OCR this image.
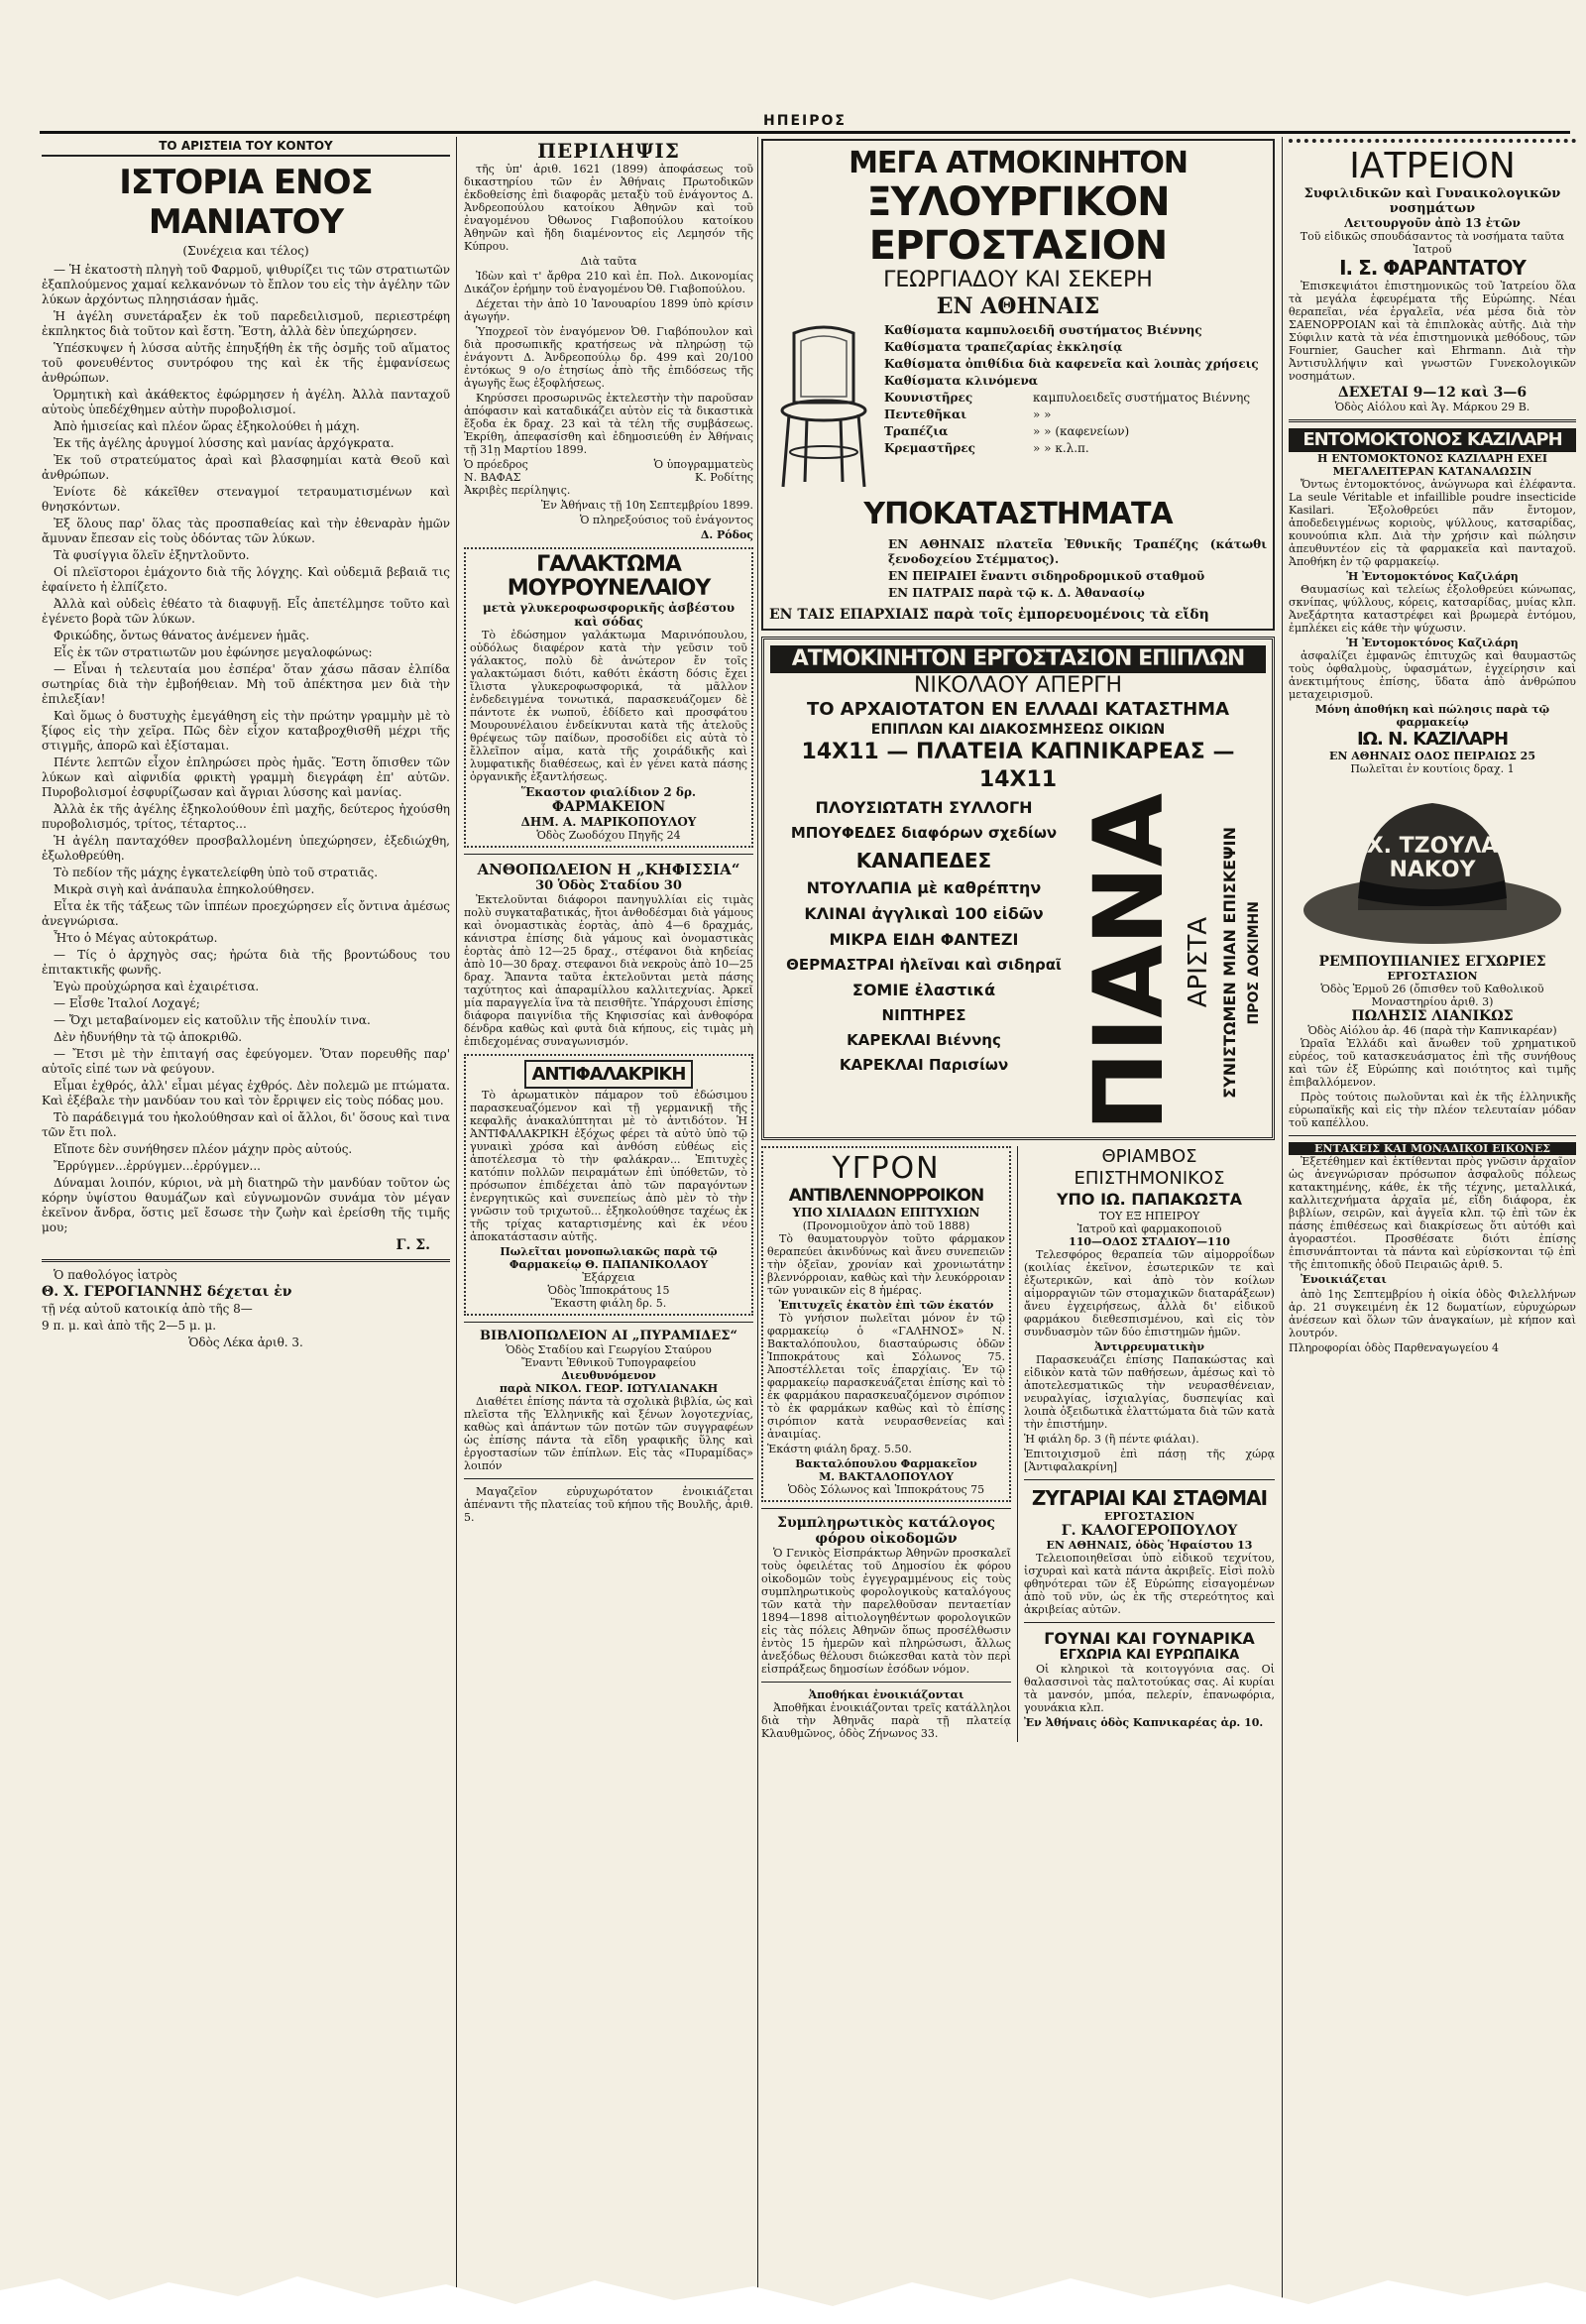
ΗΠΕΙΡΟΣ
ΤΟ ΑΡΙΣΤΕΙΑ ΤΟΥ ΚΟΝΤΟΥ
ΙΣΤΟΡΙΑ ΕΝΟΣ ΜΑΝΙΑΤΟΥ
(Συνέχεια και τέλος)

— Ἡ ἐκατοστὴ πληγὴ τοῦ Φαρμοῦ, ψιθυρίζει τις τῶν στρατιωτῶν ἐξαπλούμενος χαμαί κελκανόνων τὸ ἔπλον του εἰς τὴν ἀγέλην τῶν λύκων ἀρχόντως πληησιάσαν ἡμᾶς.

Ἡ ἀγέλη συνετάραξεν ἐκ τοῦ παρεδειλισμοῦ, περιεστρέφη ἐκπληκτος διὰ τοῦτον καὶ ἔστη. Ἔστη, ἀλλὰ δὲν ὑπεχώρησεν.

Ὑπέσκυψεν ἡ λύσσα αὐτῆς ἐπηυξήθη ἐκ τῆς ὀσμῆς τοῦ αἵματος τοῦ φονευθέντος συντρόφου της καὶ ἐκ τῆς ἐμφανίσεως ἀνθρώπων.

Ὁρμητικὴ καὶ ἀκάθεκτος ἐφώρμησεν ἡ ἀγέλη. Ἀλλὰ πανταχοῦ αὐτοὺς ὑπεδέχθημεν αὐτὴν πυροβολισμοί.

Ἀπὸ ἡμισείας καὶ πλέον ὥρας ἐξηκολούθει ἡ μάχη.

Ἐκ τῆς ἀγέλης ἀρυγμοί λύσσης καὶ μανίας ἀρχόγκρατα.

Ἐκ τοῦ στρατεύματος ἀραὶ καὶ βλασφημίαι κατὰ Θεοῦ καὶ ἀνθρώπων.

Ἐνίοτε δὲ κάκεῖθεν στεναγμοί τετραυματισμένων καὶ θνησκόντων.

Ἐξ ὅλους παρ' ὅλας τὰς προσπαθείας καὶ τὴν ἐθεναρὰν ἡμῶν ἄμυναν ἔπεσαν εἰς τοὺς ὀδόντας τῶν λύκων.

Τὰ φυσίγγια ὅλεῖν ἐξηντλοῦντο.

Οἱ πλεϊστοροι ἐμάχοντο διὰ τῆς λόγχης. Καὶ οὐδεμιᾶ βεβαιᾶ τις ἐφαίνετο ἡ ἐλπίζετο.

Ἀλλὰ καὶ οὐδεὶς ἐθέατο τὰ διαφυγῇ. Εἷς ἀπετέλμησε τοῦτο καὶ ἐγένετο βορὰ τῶν λύκων.

Φρικώδης, ὄντως θάνατος ἀνέμενεν ἡμᾶς.

Εἷς ἐκ τῶν στρατιωτῶν μου ἐφώνησε μεγαλοφώνως:

— Εἶναι ἡ τελευταία μου ἐσπέρα' ὅταν χάσω πᾶσαν ἐλπίδα σωτηρίας διὰ τὴν ἐμβοήθειαν. Μὴ τοῦ ἀπέκτησα μεν διὰ τὴν ἐπιλεξίαν!

Καὶ ὅμως ὁ δυστυχὴς ἐμεγάθηση εἰς τὴν πρώτην γραμμὴν μὲ τὸ ξίφος εἰς τὴν χεῖρα. Πῶς δὲν εἶχον καταβροχθισθῆ μέχρι τῆς στιγμῆς, ἀπορῶ καὶ ἐξίσταμαι.

Πέντε λεπτῶν εἶχον ἐπληρώσει πρὸς ἡμᾶς. Ἔστη ὅπισθεν τῶν λύκων καὶ αἰφνιδία φρικτὴ γραμμὴ διεγράφη ἐπ' αὐτῶν. Πυροβολισμοί ἐσφυρίζωσαν καὶ ἄγριαι λύσσης καὶ μανίας.

Ἀλλὰ ἐκ τῆς ἀγέλης ἐξηκολούθουν ἐπὶ μαχῆς, δεύτερος ἠχούσθη πυροβολισμός, τρίτος, τέταρτος...

Ἡ ἀγέλη πανταχόθεν προσβαλλομένη ὑπεχώρησεν, ἐξεδιώχθη, ἐξωλοθρεύθη.

Τὸ πεδίον τῆς μάχης ἐγκατελείφθη ὑπὸ τοῦ στρατιᾶς.

Μικρὰ σιγὴ καὶ ἀνάπαυλα ἐπηκολούθησεν.

Εἶτα ἐκ τῆς τάξεως τῶν ἱππέων προεχώρησεν εἷς ὄντινα ἀμέσως ἀνεγνώρισα.

Ἦτο ὁ Μέγας αὐτοκράτωρ.

— Τίς ὁ ἀρχηγὸς σας; ἠρώτα διὰ τῆς βροντώδους του ἐπιτακτικῆς φωνῆς.

Ἐγὼ προὐχώρησα καὶ ἐχαιρέτισα.

— Εἶσθε Ἰταλοί Λοχαγέ;

— Ὄχι μεταβαίνομεν εἰς κατοῦλιν τῆς ἐπουλίν τινα.

Δὲν ἠδυνήθην τὰ τῷ ἀποκριθῶ.

— Ἔτσι μὲ τὴν ἐπιταγή σας ἐφεύγομεν. Ὅταν πορευθῆς παρ' αὐτοῖς εἰπέ των νὰ φεύγουν.

Εἶμαι ἐχθρός, ἀλλ' εἶμαι μέγας ἐχθρός. Δὲν πολεμῶ με πτώματα. Καὶ ἐξέβαλε τὴν μανδύαν του καὶ τὸν ἔρριψεν εἰς τοὺς πόδας μου.

Τὸ παράδειγμά του ἠκολούθησαν καὶ οἱ ἄλλοι, δι' ὅσους καὶ τινα τῶν ἔτι πολ.

Εἴποτε δὲν συνήθησεν πλέον μάχην πρὸς αὐτούς.

Ἔρρύγμεν...ἐρρύγμεν...ἐρρύγμεν...

Δύναμαι λοιπόν, κύριοι, νὰ μὴ διατηρῶ τὴν μανδύαν τοῦτον ὡς κόρην ὑψίστου θαυμάζων καὶ εὐγνωμονῶν συνάμα τὸν μέγαν ἐκεῖνον ἄνδρα, ὅστις μεῖ ἔσωσε τὴν ζωὴν καὶ ἐρείσθη τῆς τιμῆς μου;

Γ. Σ.
Ὁ παθολόγος ἰατρὸς
Θ. Χ. ΓΕΡΟΓΙΑΝΝΗΣ δέχεται ἐν
τῇ νέᾳ αὐτοῦ κατοικίᾳ ἀπὸ τῆς 8—
9 π. μ. καὶ ἀπὸ τῆς 2—5 μ. μ.
Ὁδὸς Λέκα ἀριθ. 3.
ΠΕΡΙΛΗΨΙΣ

τῆς ὑπ' ἀριθ. 1621 (1899) ἀποφάσεως τοῦ δικαστηρίου τῶν ἐν Ἀθήναις Πρωτοδικῶν ἐκδοθείσης ἐπὶ διαφορᾶς μεταξὺ τοῦ ἐνάγοντος Δ. Ἀνδρεοπούλου κατοίκου Ἀθηνῶν καὶ τοῦ ἐναγομένου Ὀθωνος Γιαβοπούλου κατοίκου Ἀθηνῶν καὶ ἤδη διαμένοντος εἰς Λεμησόν τῆς Κύπρου.

Διὰ ταῦτα

Ἰδὼν καὶ τ' ἄρθρα 210 καὶ ἐπ. Πολ. Δικονομίας Δικάζον ἐρήμην τοῦ ἐναγομένου Ὀθ. Γιαβοπούλου.

Δέχεται τὴν ἀπὸ 10 Ἰανουαρίου 1899 ὑπὸ κρίσιν ἀγωγήν.

Ὑποχρεοῖ τὸν ἐναγόμενον Ὀθ. Γιαβόπουλον καὶ διὰ προσωπικῆς κρατήσεως νὰ πληρώσῃ τῷ ἐνάγοντι Δ. Ἀνδρεοπούλῳ δρ. 499 καὶ 20/100 ἐντόκως 9 ο/ο ἐτησίως ἀπὸ τῆς ἐπιδόσεως τῆς ἀγωγῆς ἕως ἐξοφλήσεως.

Κηρύσσει προσωρινῶς ἐκτελεστὴν τὴν παροῦσαν ἀπόφασιν καὶ καταδικάζει αὐτὸν εἰς τὰ δικαστικὰ ἔξοδα ἐκ δραχ. 23 καὶ τὰ τέλη τῆς συμβάσεως. Ἐκρίθη, ἀπεφασίσθη καὶ ἐδημοσιεύθη ἐν Ἀθήναις τῇ 31ῃ Μαρτίου 1899.

Ὁ πρόεδρος
Ν. ΒΑΦΑΣ
Ὁ ὑπογραμματεὺς
Κ. Ροδίτης
Ἀκριβὲς περίληψις.
Ἐν Ἀθήναις τῇ 10η Σεπτεμβρίου 1899.
Ὁ πληρεξούσιος τοῦ ἐνάγοντος
Δ. Ρόδος
ΓΑΛΑΚΤΩΜΑ
ΜΟΥΡΟΥΝΕΛΑΙΟΥ
μετὰ γλυκεροφωσφορικῆς ἀσβέστου καὶ σόδας
Τὸ ἐδώσημον γαλάκτωμα Μαρινόπουλου, οὐδόλως διαφέρον κατὰ τὴν γεῦσιν τοῦ γάλακτος, πολὺ δὲ ἀνώτερον ἔν τοῖς γαλακτώμασι διότι, καθότι ἐκάστη δόσις ἔχει ἴλιστα γλυκεροφωσφορικά, τὰ μᾶλλον ἐνδεδειγμένα τονωτικά, παρασκευάζομεν δὲ πάντοτε ἐκ νωποῦ, ἐδίδετο καὶ προσφάτου Μουρουνέλαιου ἐνδείκνυται κατὰ τῆς ἀτελοῦς θρέψεως τῶν παίδων, προσοδίδει εἰς αὐτὰ τὸ ἔλλεῖπον αἷμα, κατὰ τῆς χοιράδικῆς καὶ λυμφατικῆς διαθέσεως, καὶ ἐν γένει κατὰ πάσης ὀργανικῆς ἐξαντλήσεως.
Ἕκαστον φιαλίδιον 2 δρ.
ΦΑΡΜΑΚΕΙΟΝ
ΔΗΜ. Α. ΜΑΡΙΚΟΠΟΥΛΟΥ
Ὁδὸς Ζωοδόχου Πηγῆς 24
ΑΝΘΟΠΩΛΕΙΟΝ Η „ΚΗΦΙΣΣΙΑ“
30 Ὁδὸς Σταδίου 30
Ἐκτελοῦνται διάφοροι πανηγυλλίαι εἰς τιμὰς πολὺ συγκαταβατικάς, ἤτοι ἀνθοδέσμαι διὰ γάμους καὶ ὀνομαστικὰς ἑορτὰς, ἀπὸ 4—6 δραχμάς, κάνιστρα ἐπίσης διὰ γάμους καὶ ὀνομαστικὰς ἑορτὰς ἀπὸ 12—25 δραχ., στέφανοι διὰ κηδείας ἀπὸ 10—30 δραχ. στεφανοι διὰ νεκροὺς ἀπὸ 10—25 δραχ. Ἅπαντα ταῦτα ἐκτελοῦνται μετὰ πάσης ταχύτητος καὶ ἀπαραμίλλου καλλιτεχνίας. Ἀρκεῖ μία παραγγελία ἵνα τὰ πεισθῆτε. Ὑπάρχουσι ἐπίσης διάφορα παιγνίδια τῆς Κηφισσίας καὶ ἀνθοφόρα δένδρα καθὼς καὶ φυτὰ διὰ κήπους, εἰς τιμὰς μὴ ἐπιδεχομένας συναγωνισμόν.
ΑΝΤΙΦΑΛΑΚΡΙΚΗ
Τὸ ἀρωματικὸν πάμαρον τοῦ ἐδώσιμου παρασκευαζόμενον καὶ τῇ γερμανικῇ τῆς κεφαλῆς ἀνακαλύπτηται μὲ τὸ ἀντιδότον. Ἡ ἈΝΤΙΦΑΛΑΚΡΙΚΗ ἐξόχως φέρει τὰ αὐτὸ ὑπὸ τῷ γυναικὶ χρόσα καὶ ἀνθόση εὐθέως εἰς ἀποτέλεσμα τὸ τὴν φαλάκραν... Ἐπιτυχὲς κατόπιν πολλῶν πειραμάτων ἐπὶ ὑπόθετῶν, τὸ πρόσωπον ἐπιδέχεται ἀπὸ τῶν παραγόντων ἐνεργητικῶς καὶ συνεπείως ἀπὸ μὲν τὸ τὴν γνῶσιν τοῦ τριχωτοῦ... ἐξηκολούθησε ταχέως ἐκ τῆς τρίχας καταρτισμένης καὶ ἐκ νέου ἀποκατάστασιν αὐτῆς.
Πωλεῖται μονοπωλιακῶς παρὰ τῷ Φαρμακείῳ Θ. ΠΑΠΑΝΙΚΟΛΑΟΥ
Ἐξάρχεια
Ὁδὸς Ἱπποκράτους 15
Ἕκαστη φιάλη δρ. 5.
ΒΙΒΛΙΟΠΩΛΕΙΟΝ ΑΙ „ΠΥΡΑΜΙΔΕΣ“
Ὁδὸς Σταδίου καὶ Γεωργίου Σταύρου
Ἔναντι Ἐθνικοῦ Τυπογραφείου
Διευθυνόμενον
παρὰ ΝΙΚΟΛ. ΓΕΩΡ. ΙΩΤΥΛΙΑΝΑΚΗ
Διαθέτει ἐπίσης πάντα τὰ σχολικὰ βιβλία, ὡς καὶ πλεῖστα τῆς Ἑλληνικῆς καὶ ξένων λογοτεχνίας, καθὼς καὶ ἁπάντων τῶν ποτῶν τῶν συγγραφέων ὡς ἐπίσης πάντα τὰ εἴδη γραφικῆς ὕλης καὶ ἐργοστασίων τῶν ἐπίπλων. Εἰς τὰς «Πυραμίδας» λοιπόν
Μαγαζεῖον εὐρυχωρότατον ἐνοικιάζεται ἀπέναντι τῆς πλατείας τοῦ κήπου τῆς Βουλῆς, ἀριθ. 5.
ΜΕΓΑ ΑΤΜΟΚΙΝΗΤΟΝ
ΞΥΛΟΥΡΓΙΚΟΝ ΕΡΓΟΣΤΑΣΙΟΝ
ΓΕΩΡΓΙΑΔΟΥ ΚΑΙ ΣΕΚΕΡΗ
ΕΝ ΑΘΗΝΑΙΣ
Καθίσματα καμπυλοειδῆ συστήματος Βιέννης
Καθίσματα τραπεζαρίας ἐκκλησίᾳ
Καθίσματα ὀπιθίδια διὰ καφενεῖα καὶ λοιπὰς χρήσεις
Καθίσματα κλινόμενα
Κουνιστῆρες	καμπυλοειδεῖς συστήματος Βιέννης
Πεντεθῆκαι	» »
Τραπέζια	» » (καφενείων)
Κρεμαστῆρες	» » κ.λ.π.
ΥΠΟΚΑΤΑΣΤΗΜΑΤΑ
ΕΝ ΑΘΗΝΑΙΣ πλατεῖα Ἐθνικῆς Τραπέζης (κάτωθι ξενοδοχείου Στέμματος).
ΕΝ ΠΕΙΡΑΙΕΙ ἔναντι σιδηροδρομικοῦ σταθμοῦ
ΕΝ ΠΑΤΡΑΙΣ παρὰ τῷ κ. Δ. Ἀθανασίῳ
ΕΝ ΤΑΙΣ ΕΠΑΡΧΙΑΙΣ παρὰ τοῖς ἐμπορευομένοις τὰ εἴδη
ΑΤΜΟΚΙΝΗΤΟΝ ΕΡΓΟΣΤΑΣΙΟΝ ΕΠΙΠΛΩΝ
ΝΙΚΟΛΑΟΥ ΑΠΕΡΓΗ
ΤΟ ΑΡΧΑΙΟΤΑΤΟΝ ΕΝ ΕΛΛΑΔΙ ΚΑΤΑΣΤΗΜΑ
ΕΠΙΠΛΩΝ ΚΑΙ ΔΙΑΚΟΣΜΗΣΕΩΣ ΟΙΚΙΩΝ
14Χ11 — ΠΛΑΤΕΙΑ ΚΑΠΝΙΚΑΡΕΑΣ — 14Χ11
ΠΛΟΥΣΙΩΤΑΤΗ ΣΥΛΛΟΓΗ
ΜΠΟΥΦΕΔΕΣ διαφόρων σχεδίων
ΚΑΝΑΠΕΔΕΣ
ΝΤΟΥΛΑΠΙΑ μὲ καθρέπτην
ΚΛΙΝΑΙ ἀγγλικαὶ 100 εἰδῶν
ΜΙΚΡΑ ΕΙΔΗ ΦΑΝΤΕΖΙ
ΘΕΡΜΑΣΤΡΑΙ ἠλεῖναι καὶ σιδηραῖ
ΣΟΜΙΕ ἐλαστικά
ΝΙΠΤΗΡΕΣ
ΚΑΡΕΚΛΑΙ Βιέννης
ΚΑΡΕΚΛΑΙ Παρισίων ΠΙΑΝΑ ΑΡΙΣΤΑ ΣΥΝΙΣΤΩΜΕΝ ΜΙΑΝ ΕΠΙΣΚΕΨΙΝ ΠΡΟΣ ΔΟΚΙΜΗΝ
ΥΓΡΟΝ
ΑΝΤΙΒΛΕΝΝΟΡΡΟΙΚΟΝ
ΥΠΟ ΧΙΛΙΑΔΩΝ ΕΠΙΤΥΧΙΩΝ
(Προνομιοῦχον ἀπὸ τοῦ 1888)
Τὸ θαυματουργὸν τοῦτο φάρμακον θεραπεύει ἀκινδύνως καὶ ἄνευ συνεπειῶν τὴν ὀξεῖαν, χρονίαν καὶ χρονιωτάτην βλεννόρροιαν, καθὼς καὶ τὴν λευκόρροιαν τῶν γυναικῶν εἰς 8 ἡμέρας.
Ἐπιτυχεῖς ἑκατὸν ἐπὶ τῶν ἑκατόν
Τὸ γνήσιον πωλεῖται μόνον ἐν τῷ φαρμακείῳ ὁ «ΓΑΛΗΝΟΣ» Ν. Βακταλόπουλου, διασταύρωσις ὁδῶν Ἱπποκράτους καὶ Σόλωνος 75. Ἀποστέλλεται τοῖς ἐπαρχίαις. Ἐν τῷ φαρμακείῳ παρασκευάζεται ἐπίσης καὶ τὸ ἐκ φαρμάκου παρασκευαζόμενον σιρόπιον τὸ ἐκ φαρμάκων καθὼς καὶ τὸ ἐπίσης σιρόπιον κατὰ νευρασθενείας καὶ ἀναιμίας.
Ἑκάστη φιάλη δραχ. 5.50.
Βακταλόπουλου Φαρμακεῖον
Μ. ΒΑΚΤΑΛΟΠΟΥΛΟΥ
Ὁδὸς Σόλωνος καὶ Ἱπποκράτους 75
Συμπληρωτικὸς κατάλογος φόρου οἰκοδομῶν
Ὁ Γενικὸς Εἰσπράκτωρ Ἀθηνῶν προσκαλεῖ τοὺς ὀφειλέτας τοῦ Δημοσίου ἐκ φόρου οἰκοδομῶν τοὺς ἐγγεγραμμένους εἰς τοὺς συμπληρωτικοὺς φορολογικοὺς καταλόγους τῶν κατὰ τὴν παρελθοῦσαν πενταετίαν 1894—1898 αἰτιολογηθέντων φορολογικῶν εἰς τὰς πόλεις Ἀθηνῶν ὅπως προσέλθωσιν ἐντὸς 15 ἡμερῶν καὶ πληρώσωσι, ἄλλως ἀνεξόδως θέλουσι διώκεσθαι κατὰ τὸν περὶ εἰσπράξεως δημοσίων ἐσόδων νόμον.
Ἀποθήκαι ἐνοικιάζονται
Ἀποθῆκαι ἐνοικιάζονται τρεῖς κατάλληλοι διὰ τὴν Ἀθηνᾶς παρὰ τῇ πλατείᾳ Κλαυθμῶνος, ὁδὸς Ζήνωνος 33.
ΘΡΙΑΜΒΟΣ ΕΠΙΣΤΗΜΟΝΙΚΟΣ
ΥΠΟ ΙΩ. ΠΑΠΑΚΩΣΤΑ
ΤΟΥ ΕΞ ΗΠΕΙΡΟΥ
Ἰατροῦ καὶ φαρμακοποιοῦ
110—ΟΔΟΣ ΣΤΑΔΙΟΥ—110
Τελεσφόρος θεραπεία τῶν αἱμορροΐδων (κοιλίας ἐκεῖνον, ἐσωτερικῶν τε καὶ ἐξωτερικῶν, καὶ ἀπὸ τὸν κοίλων αἱμορραγιῶν τῶν στομαχικῶν διαταράξεων) ἄνευ ἐγχειρήσεως, ἀλλὰ δι' εἰδικοῦ φαρμάκου διεθεσπισμένου, καὶ εἰς τὸν συνδυασμὸν τῶν δύο ἐπιστημῶν ἡμῶν.
Ἀντιρρευματικὴν
Παρασκευάζει ἐπίσης Παπακώστας καὶ εἰδικὸν κατὰ τῶν παθήσεων, ἀμέσως καὶ τὸ ἀποτελεσματικῶς τὴν νευρασθένειαν, νευραλγίας, ἰσχιαλγίας, δυσπεψίας καὶ λοιπὰ ὀξειδωτικὰ ἐλαττώματα διὰ τῶν κατὰ τὴν ἐπιστήμην.
Ἡ φιάλη δρ. 3 (ἢ πέντε φιάλαι).
Ἐπιτοιχισμοῦ ἐπὶ πάσῃ τῆς χώρᾳ [Ἀντιφαλακρίνη]
ΖΥΓΑΡΙΑΙ ΚΑΙ ΣΤΑΘΜΑΙ
ΕΡΓΟΣΤΑΣΙΟΝ
Γ. ΚΑΛΟΓΕΡΟΠΟΥΛΟΥ
ΕΝ ΑΘΗΝΑΙΣ, ὁδὸς Ἡφαίστου 13
Τελειοποιηθεῖσαι ὑπὸ εἰδικοῦ τεχνίτου, ἰσχυραὶ καὶ κατὰ πάντα ἀκριβεῖς. Εἰσὶ πολὺ φθηνότεραι τῶν ἐξ Εὐρώπης εἰσαγομένων ἀπὸ τοῦ νῦν, ὡς ἐκ τῆς στερεότητος καὶ ἀκριβείας αὐτῶν.
ΓΟΥΝΑΙ ΚΑΙ ΓΟΥΝΑΡΙΚΑ
ΕΓΧΩΡΙΑ ΚΑΙ ΕΥΡΩΠΑΙΚΑ
Οἱ κληρικοὶ τὰ κοιτογγόνια σας. Οἱ θαλασσινοὶ τὰς παλτοτούκας σας. Αἱ κυρίαι τὰ μανσόν, μπόα, πελερίν, ἐπανωφόρια, γουνάκια κλπ.
Ἐν Ἀθήναις ὁδὸς Καπνικαρέας ἀρ. 10.
ΙΑΤΡΕΙΟΝ
Συφιλιδικῶν καὶ Γυναικολογικῶν νοσημάτων
Λειτουργοῦν ἀπὸ 13 ἐτῶν
Τοῦ εἰδικῶς σπουδάσαντος τὰ νοσήματα ταῦτα Ἰατροῦ
Ι. Σ. ΦΑΡΑΝΤΑΤΟΥ
Ἐπισκεψιάτοι ἐπιστημονικῶς τοῦ Ἰατρείου ὅλα τὰ μεγάλα ἐφευρέματα τῆς Εὐρώπης. Νέαι θεραπεῖαι, νέα ἐργαλεῖα, νέα μέσα διὰ τὸν ΣΑΕΝΟΡΡΟΙΑΝ καὶ τὰ ἐπιπλοκὰς αὐτῆς. Διὰ τὴν Σύφιλιν κατὰ τὰ νέα ἐπιστημονικὰ μεθόδους, τῶν Fournier, Gaucher καὶ Ehrmann. Διὰ τὴν Ἀντισυλλήψιν καὶ γνωστῶν Γυνεκολογικῶν νοσημάτων.
ΔΕΧΕΤΑΙ 9—12 καὶ 3—6
Ὁδὸς Αἰόλου καὶ Ἁγ. Μάρκου 29 Β.
ΕΝΤΟΜΟΚΤΟΝΟΣ ΚΑΖΙΛΑΡΗ
Η ΕΝΤΟΜΟΚΤΟΝΟΣ ΚΑΖΙΛΑΡΗ ΕΧΕΙ ΜΕΓΑΛΕΙΤΕΡΑΝ ΚΑΤΑΝΑΛΩΣΙΝ
Ὄντως ἐντομοκτόνος, ἀνώγνωρα καὶ ἐλέφαντα. La seule Véritable et infaillible poudre insecticide Kasilari. Ἐξολοθρεύει πᾶν ἔντομον, ἀποδεδειγμένως κοριοὺς, ψύλλους, κατσαρίδας, κουνούπια κλπ. Διὰ τὴν χρήσιν καὶ πώλησιν ἀπευθυντέον εἰς τὰ φαρμακεῖα καὶ πανταχοῦ. Ἀποθήκη ἐν τῷ φαρμακείῳ.
Ἡ Ἐντομοκτόνος Καζιλάρη
Θαυμασίως καὶ τελείως ἐξολοθρεύει κώνωπας, σκνίπας, ψύλλους, κόρεις, κατσαρίδας, μυίας κλπ. Ἀνεξάρτητα καταστρέφει καὶ βρωμερὰ ἐντόμου, ἐμπλέκει εἰς κάθε τὴν ψύχωσιν.
Ἡ Ἐντομοκτόνος Καζιλάρη
ἀσφαλίζει ἐμφανῶς ἐπιτυχῶς καὶ θαυμαστῶς τοὺς ὀφθαλμοὺς, ὑφασμάτων, ἐγχείρησιν καὶ ἀνεκτιμήτους ἐπίσης, ὕδατα ἀπὸ ἀνθρώπου μεταχειρισμοῦ.
Μόνη ἀποθήκη καὶ πώλησις παρὰ τῷ φαρμακείῳ
ΙΩ. Ν. ΚΑΖΙΛΑΡΗ
ΕΝ ΑΘΗΝΑΙΣ ΟΔΟΣ ΠΕΙΡΑΙΩΣ 25
Πωλεῖται ἐν κουτίοις δραχ. 1
Χ. ΤΖΟΥΛΑ
ΝΑΚΟΥ
ΡΕΜΠΟΥΠΙΑΝΙΕΣ ΕΓΧΩΡΙΕΣ
ΕΡΓΟΣΤΑΣΙΟΝ
Ὁδὸς Ἑρμοῦ 26 (ὄπισθεν τοῦ Καθολικοῦ Μοναστηρίου ἀριθ. 3)
ΠΩΛΗΣΙΣ ΛΙΑΝΙΚΩΣ
Ὁδὸς Αἰόλου ἀρ. 46 (παρὰ τὴν Καπνικαρέαν)
Ὡραῖα Ἑλλάδι καὶ ἄνωθεν τοῦ χρηματικοῦ εὐρέος, τοῦ κατασκευάσματος ἐπὶ τῆς συνήθους καὶ τῶν ἐξ Εὐρώπης καὶ ποιότητος καὶ τιμῆς ἐπιβαλλόμενον.
Πρὸς τούτοις πωλοῦνται καὶ ἐκ τῆς ἑλληνικῆς εὐρωπαϊκῆς καὶ εἰς τὴν πλέον τελευταίαν μόδαν τοῦ καπέλλου.
ΕΝΤΑΚΕΙΣ ΚΑΙ ΜΟΝΑΔΙΚΟΙ ΕΙΚΟΝΕΣ
Ἐξετέθημεν καὶ ἐκτίθενται πρὸς γνῶσιν ἀρχαῖον ὡς ἀνεγνώρισαν πρόσωπον ἀσφαλοῦς πόλεως κατακτημένης, κάθε, ἐκ τῆς τέχνης, μεταλλικά, καλλιτεχνήματα ἀρχαῖα μέ, εἴδη διάφορα, ἐκ βιβλίων, σειρῶν, καὶ ἀγγεῖα κλπ. τῷ ἐπὶ τῶν ἐκ πάσης ἐπιθέσεως καὶ διακρίσεως ὅτι αὐτόθι καὶ ἀγοραστέοι. Προσθέσατε διότι ἐπίσης ἐπισυνάπτονται τὰ πάντα καὶ εὐρίσκονται τῷ ἐπὶ τῆς ἐπιτοπικῆς ὁδοῦ Πειραιῶς ἀριθ. 5.
Ἐνοικιάζεται
ἀπὸ 1ης Σεπτεμβρίου ἡ οἰκία ὁδὸς Φιλελλήνων ἀρ. 21 συγκειμένη ἐκ 12 δωματίων, εὐρυχώρων ἀνέσεων καὶ ὅλων τῶν ἀναγκαίων, μὲ κήπον καὶ λουτρόν.
Πληροφορίαι ὁδὸς Παρθεναγωγείου 4
